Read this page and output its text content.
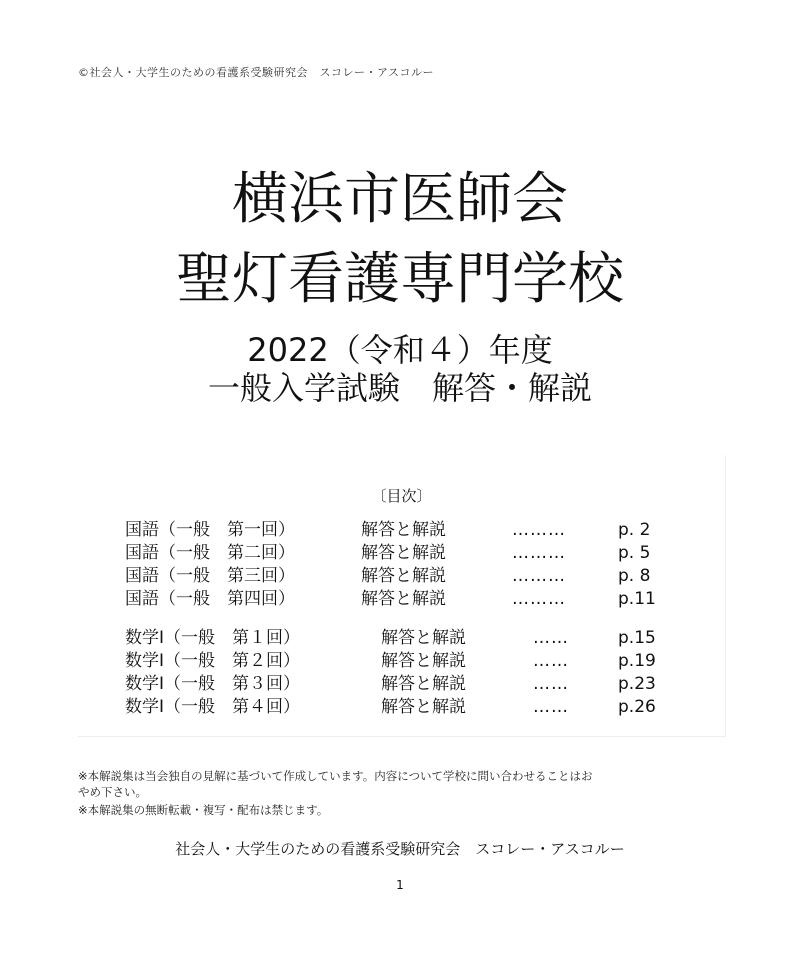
©社会人・大学生のための看護系受験研究会　スコレー・アスコルー
横浜市医師会
聖灯看護専門学校
2022（令和４）年度
一般入学試験　解答・解説
〔目次〕
国語（一般　第一回）	解答と解説	………	p. 2
国語（一般　第二回）	解答と解説	………	p. 5
国語（一般　第三回）	解答と解説	………	p. 8
国語（一般　第四回）	解答と解説	………	p.11
数学Ⅰ（一般　第１回）	解答と解説	……	p.15
数学Ⅰ（一般　第２回）	解答と解説	……	p.19
数学Ⅰ（一般　第３回）	解答と解説	……	p.23
数学Ⅰ（一般　第４回）	解答と解説	……	p.26
※本解説集は当会独自の見解に基づいて作成しています。内容について学校に問い合わせることはお
やめ下さい。
※本解説集の無断転載・複写・配布は禁じます。
社会人・大学生のための看護系受験研究会　スコレー・アスコルー
1
